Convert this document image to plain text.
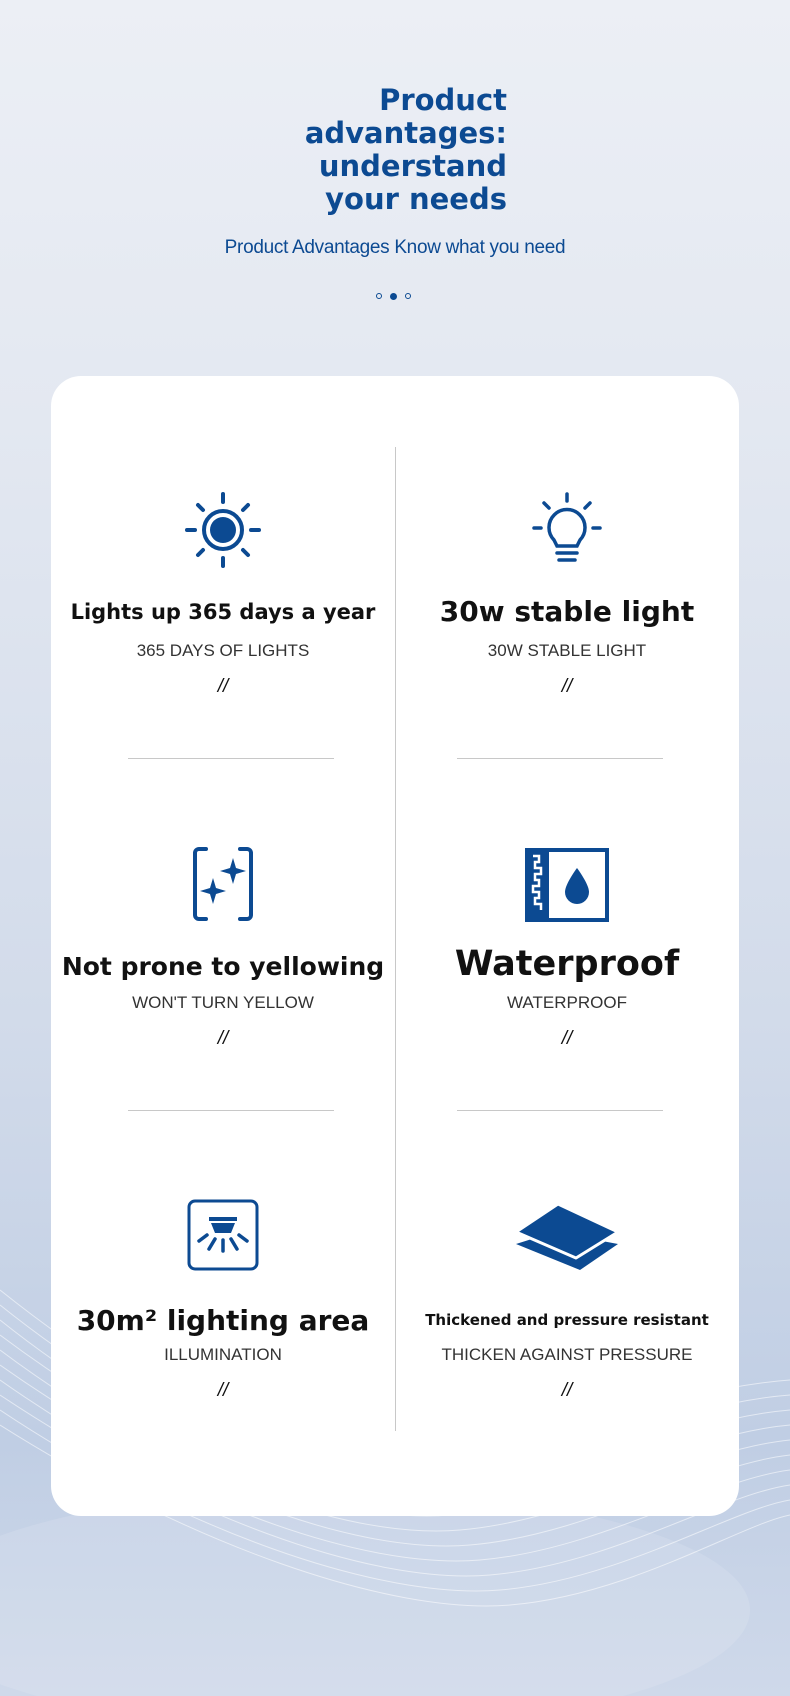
Product
advantages:
understand
your needs

Product Advantages Know what you need

Lights up 365 days a year

365 DAYS OF LIGHTS

//

30w stable light

30W STABLE LIGHT

//

Not prone to yellowing

WON'T TURN YELLOW

//

Waterproof

WATERPROOF

//

30m² lighting area

ILLUMINATION

//

Thickened and pressure resistant

THICKEN AGAINST PRESSURE

//
